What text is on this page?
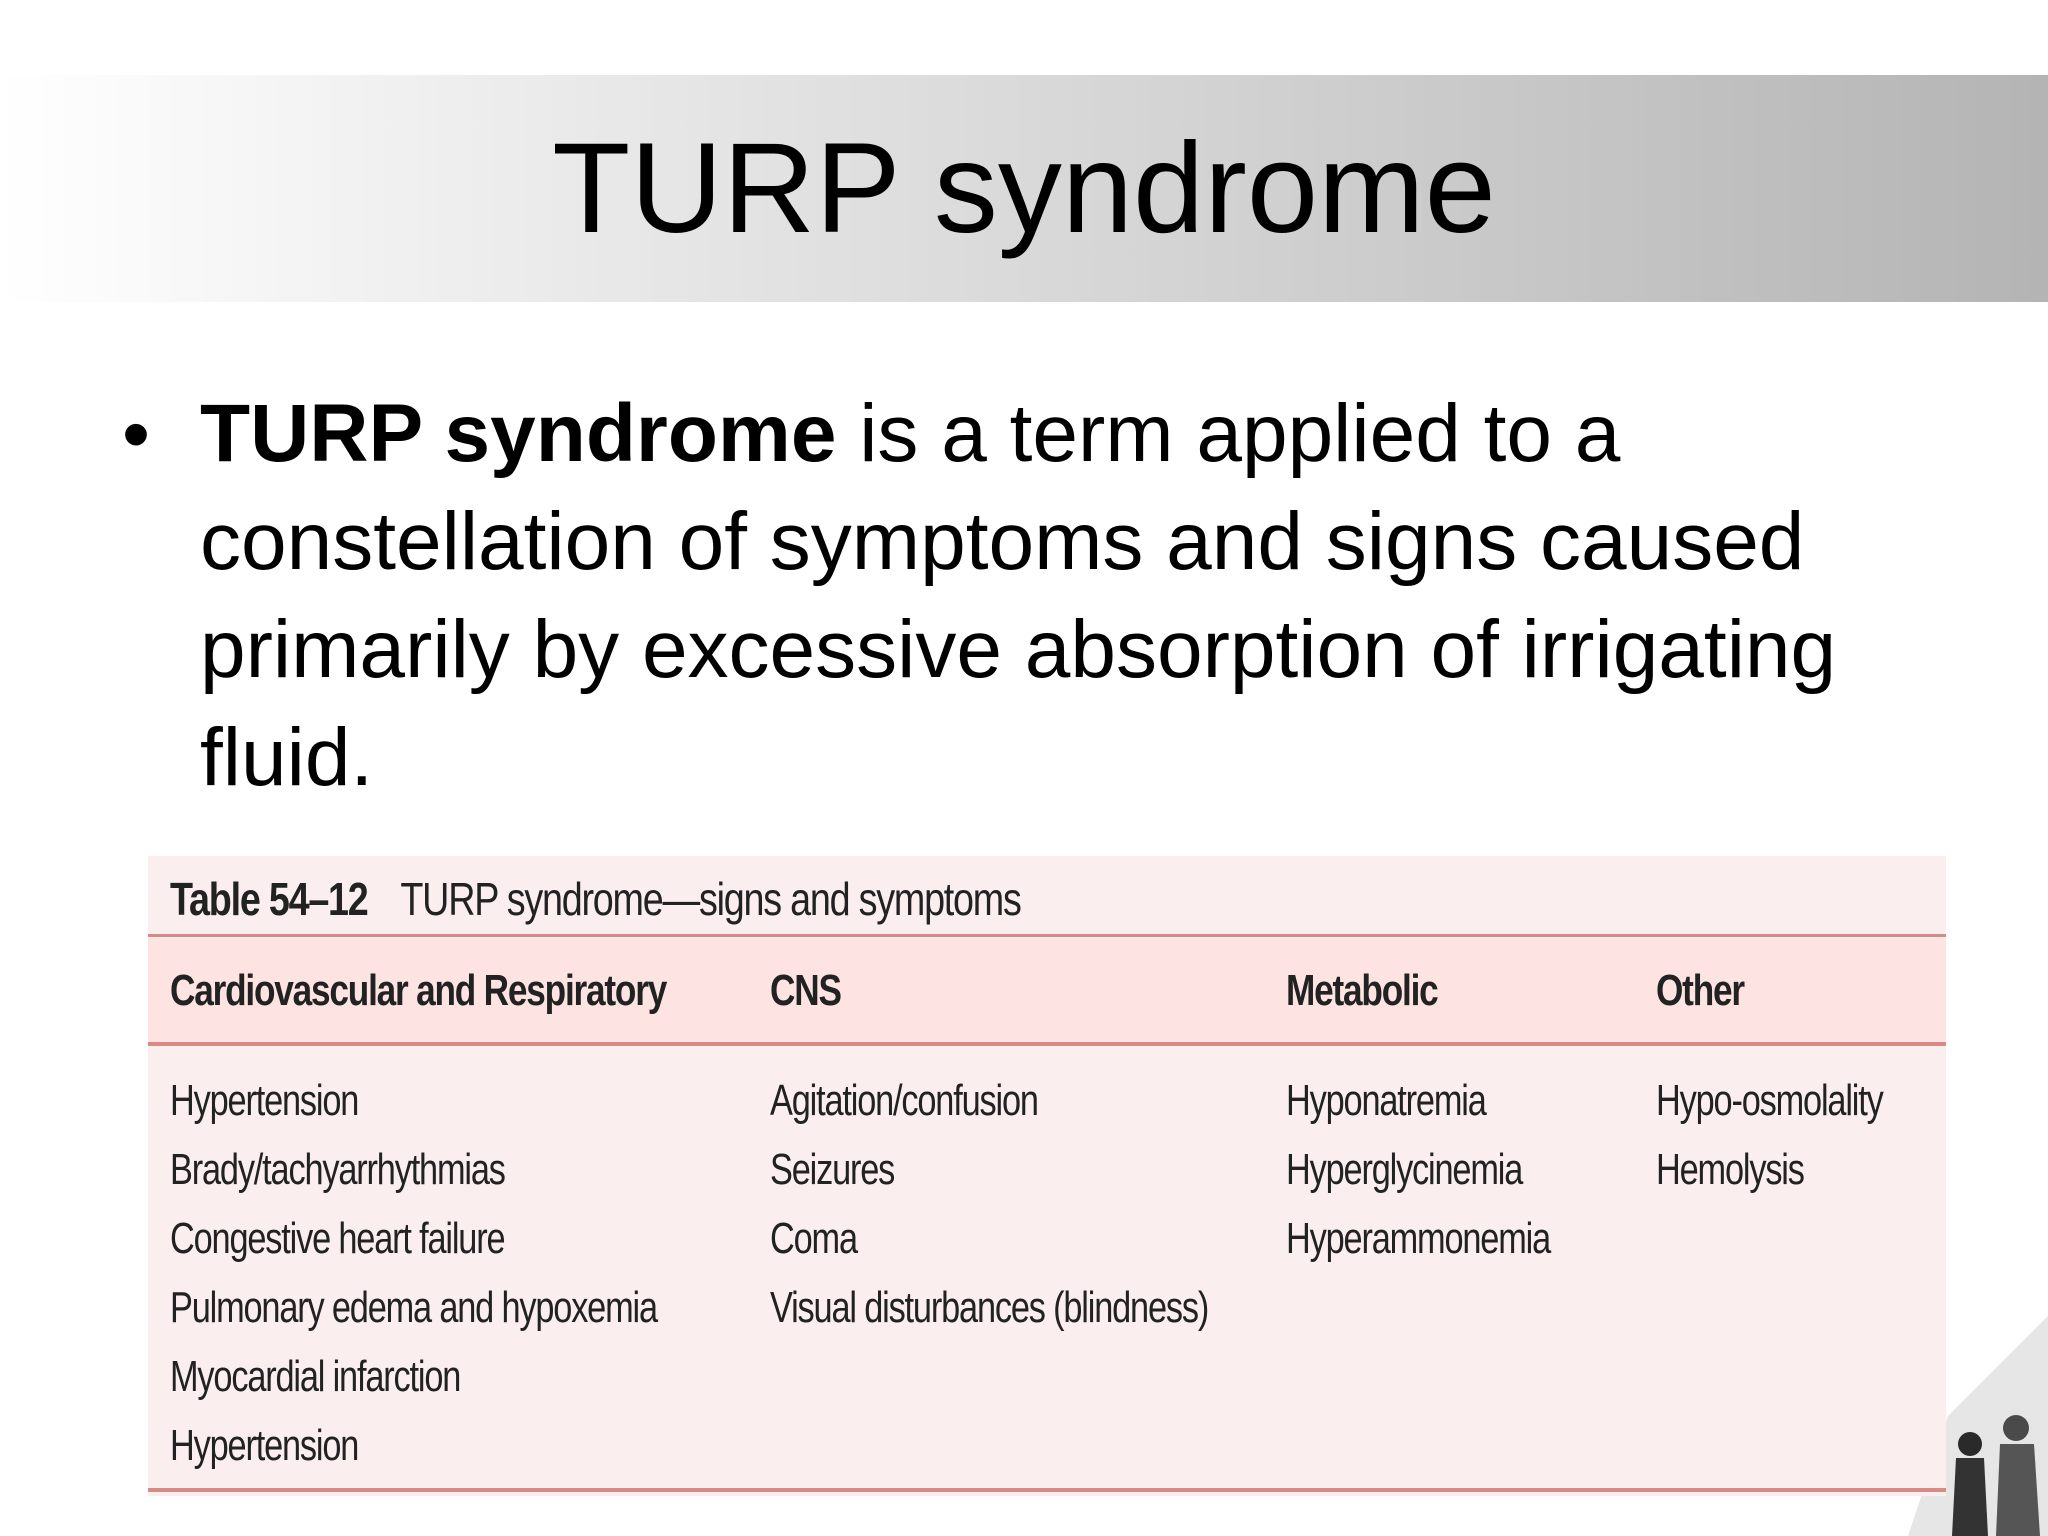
TURP syndrome
• TURP syndrome is a term applied to a constellation of symptoms and signs caused primarily by excessive absorption of irrigating fluid.
Table 54–12 TURP syndrome—signs and symptoms
Cardiovascular and Respiratory CNS	Metabolic	Other
Hypertension
Brady/tachyarrhythmias
Congestive heart failure
Pulmonary edema and hypoxemia
Myocardial infarction
Hypertension
Agitation/confusion
Seizures
Coma
Visual disturbances (blindness)
Hyponatremia
Hyperglycinemia
Hyperammonemia
Hypo-osmolality
Hemolysis
